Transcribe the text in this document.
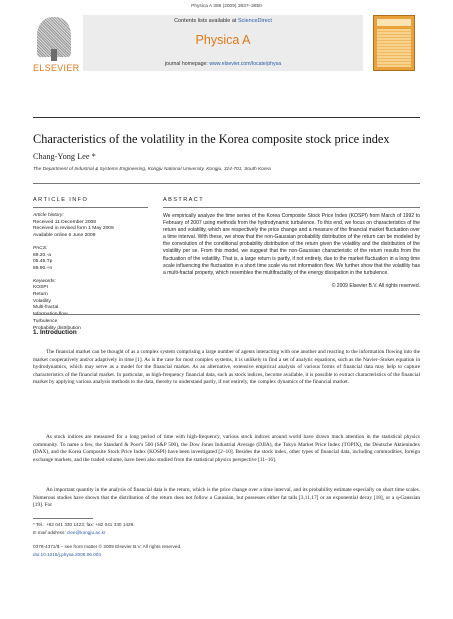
Physica A 388 (2009) 3837–3850
ELSEVIER
Contents lists available at ScienceDirect
Physica A
journal homepage: www.elsevier.com/locate/physa
Characteristics of the volatility in the Korea composite stock price index
Chang-Yong Lee *
The Department of Industrial & Systems Engineering, Kongju National University, Kongju, 314-701, South Korea
ARTICLE INFO	ABSTRACT
Article history:
Received 11 December 2008
Received in revised form 1 May 2009
Available online 6 June 2009
PACS:
89.20.-a
05.45.Tp
89.90.+n
Keywords:
KOSPI
Return
Volatility
Multi-fractal
Information flow
Turbulence
Probability distribution
We empirically analyze the time series of the Korea Composite Stock Price Index (KOSPI) from March of 1992 to February of 2007 using methods from the hydrodynamic turbulence. To this end, we focus on characteristics of the return and volatility, which are respectively the price change and a measure of the financial market fluctuation over a time interval. With these, we show that the non-Gaussian probability distribution of the return can be modeled by the convolution of the conditional probability distribution of the return given the volatility and the distribution of the volatility per se. From this model, we suggest that the non-Gaussian characteristic of the return results from the fluctuation of the volatility. That is, a large return is partly, if not entirely, due to the market fluctuation in a long time scale influencing the fluctuation in a short time scale via net information flow. We further show that the volatility has a multi-fractal property, which resembles the multifractality of the energy dissipation in the turbulence.
© 2009 Elsevier B.V. All rights reserved.
1. Introduction
The financial market can be thought of as a complex system comprising a large number of agents interacting with one another and reacting to the information flowing into the market cooperatively and/or adaptively in time [1]. As is the case for most complex systems, it is unlikely to find a set of analytic equations, such as the Navier–Stokes equation in hydrodynamics, which may serve as a model for the financial market. As an alternative, extensive empirical analysis of various forms of financial data may help to capture characteristics of the financial market. In particular, as high-frequency financial data, such as stock indices, become available, it is possible to extract characteristics of the financial market by applying various analysis methods to the data, thereby to understand partly, if not entirely, the complex dynamics of the financial market.
As stock indices are measured for a long period of time with high-frequency, various stock indices around world have drawn much attention in the statistical physics community. To name a few, the Standard & Poor's 500 (S&P 500), the Dow Jones Industrial Average (DJIA), the Tokyo Market Price Index (TOPIX), the Deutsche Aktienindex (DAX), and the Korea Composite Stock Price Index (KOSPI) have been investigated [2–10]. Besides the stock index, other types of financial data, including commodities, foreign exchange markets, and the traded volume, have been also studied from the statistical physics perspective [11–16].
An important quantity in the analysis of financial data is the return, which is the price change over a time interval, and its probability estimate especially on short time scales. Numerous studies have shown that the distribution of the return does not follow a Gaussian, but possesses either fat tails [3,11,17] or an exponential decay [18], or a q-Gaussian [19]. For
* Tel.: +82 041 330 1423; fax: +82 041 330 1429.
E-mail address: clee@kongju.ac.kr
0378-4371/$ – see front matter © 2009 Elsevier B.V. All rights reserved.
doi:10.1016/j.physa.2009.06.004
